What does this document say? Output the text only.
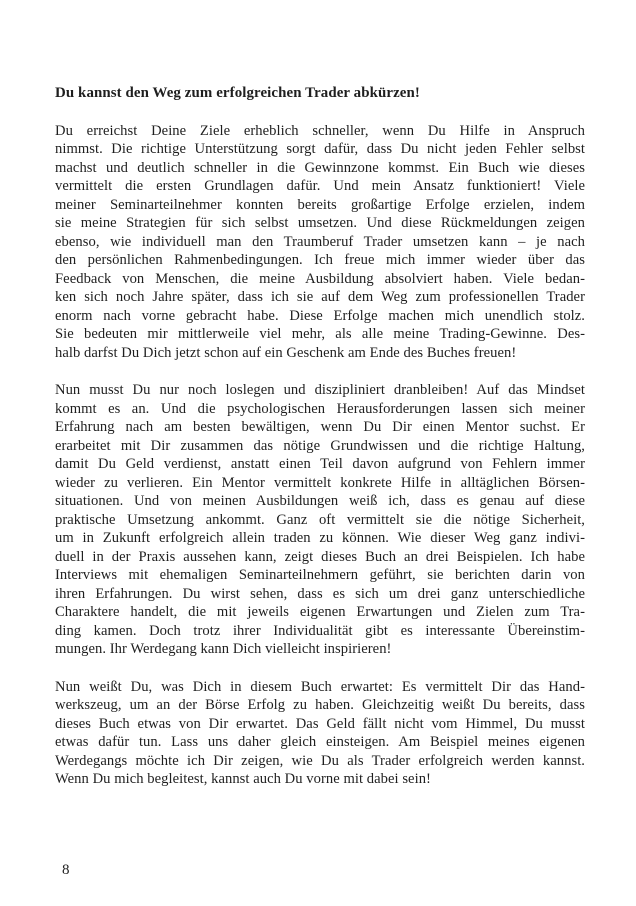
Du kannst den Weg zum erfolgreichen Trader abkürzen!
Du erreichst Deine Ziele erheblich schneller, wenn Du Hilfe in Anspruch
nimmst. Die richtige Unterstützung sorgt dafür, dass Du nicht jeden Fehler selbst
machst und deutlich schneller in die Gewinnzone kommst. Ein Buch wie dieses
vermittelt die ersten Grundlagen dafür. Und mein Ansatz funktioniert! Viele
meiner Seminarteilnehmer konnten bereits großartige Erfolge erzielen, indem
sie meine Strategien für sich selbst umsetzen. Und diese Rückmeldungen zeigen
ebenso, wie individuell man den Traumberuf Trader umsetzen kann – je nach
den persönlichen Rahmenbedingungen. Ich freue mich immer wieder über das
Feedback von Menschen, die meine Ausbildung absolviert haben. Viele bedan-
ken sich noch Jahre später, dass ich sie auf dem Weg zum professionellen Trader
enorm nach vorne gebracht habe. Diese Erfolge machen mich unendlich stolz.
Sie bedeuten mir mittlerweile viel mehr, als alle meine Trading-Gewinne. Des-
halb darfst Du Dich jetzt schon auf ein Geschenk am Ende des Buches freuen!
Nun musst Du nur noch loslegen und diszipliniert dranbleiben! Auf das Mindset
kommt es an. Und die psychologischen Herausforderungen lassen sich meiner
Erfahrung nach am besten bewältigen, wenn Du Dir einen Mentor suchst. Er
erarbeitet mit Dir zusammen das nötige Grundwissen und die richtige Haltung,
damit Du Geld verdienst, anstatt einen Teil davon aufgrund von Fehlern immer
wieder zu verlieren. Ein Mentor vermittelt konkrete Hilfe in alltäglichen Börsen-
situationen. Und von meinen Ausbildungen weiß ich, dass es genau auf diese
praktische Umsetzung ankommt. Ganz oft vermittelt sie die nötige Sicherheit,
um in Zukunft erfolgreich allein traden zu können. Wie dieser Weg ganz indivi-
duell in der Praxis aussehen kann, zeigt dieses Buch an drei Beispielen. Ich habe
Interviews mit ehemaligen Seminarteilnehmern geführt, sie berichten darin von
ihren Erfahrungen. Du wirst sehen, dass es sich um drei ganz unterschiedliche
Charaktere handelt, die mit jeweils eigenen Erwartungen und Zielen zum Tra-
ding kamen. Doch trotz ihrer Individualität gibt es interessante Übereinstim-
mungen. Ihr Werdegang kann Dich vielleicht inspirieren!
Nun weißt Du, was Dich in diesem Buch erwartet: Es vermittelt Dir das Hand-
werkszeug, um an der Börse Erfolg zu haben. Gleichzeitig weißt Du bereits, dass
dieses Buch etwas von Dir erwartet. Das Geld fällt nicht vom Himmel, Du musst
etwas dafür tun. Lass uns daher gleich einsteigen. Am Beispiel meines eigenen
Werdegangs möchte ich Dir zeigen, wie Du als Trader erfolgreich werden kannst.
Wenn Du mich begleitest, kannst auch Du vorne mit dabei sein!
8
